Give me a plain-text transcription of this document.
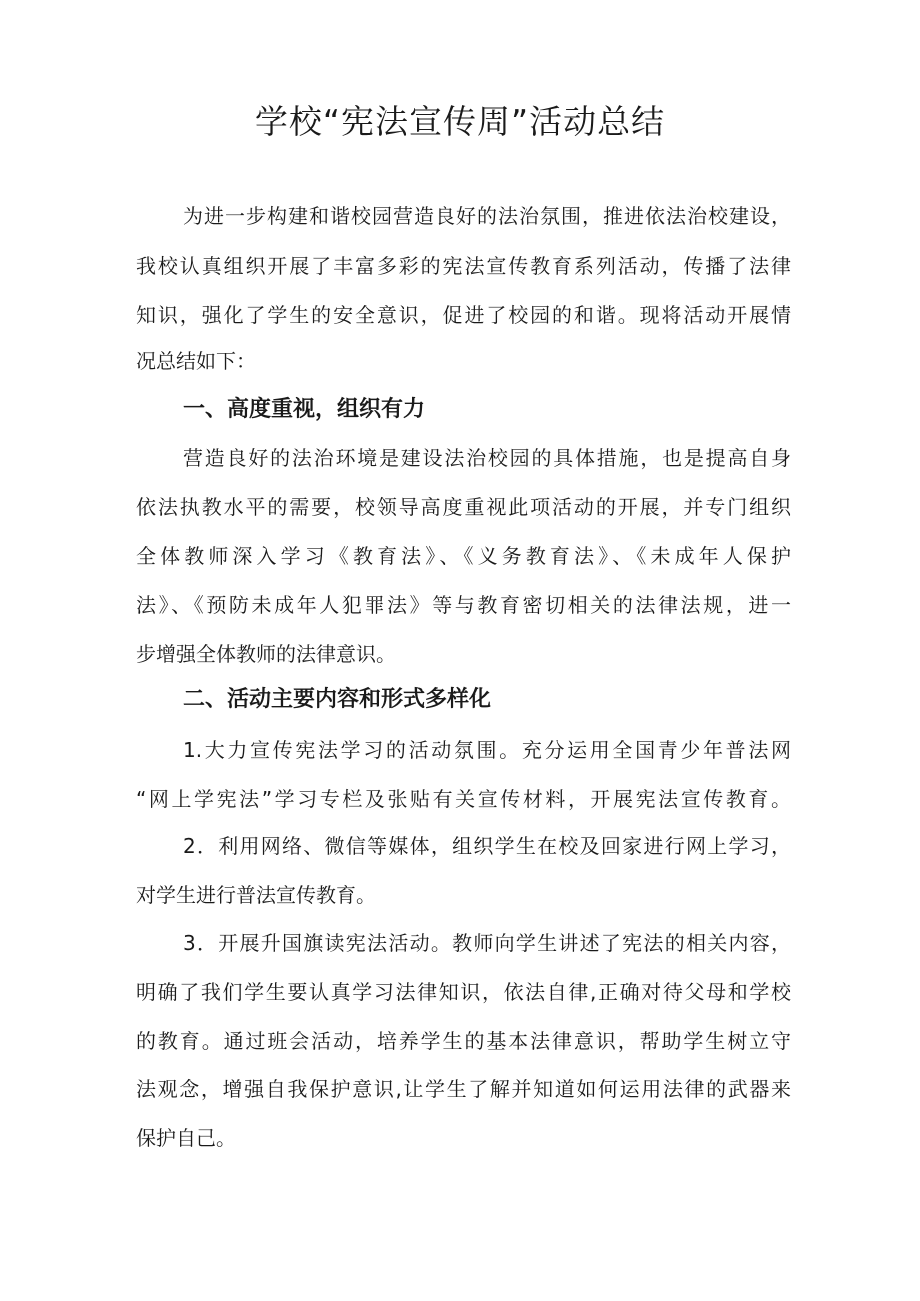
学校“宪法宣传周”活动总结

为进一步构建和谐校园营造良好的法治氛围，推进依法治校建设，

我校认真组织开展了丰富多彩的宪法宣传教育系列活动，传播了法律

知识，强化了学生的安全意识，促进了校园的和谐。现将活动开展情

况总结如下：

一、高度重视，组织有力

营造良好的法治环境是建设法治校园的具体措施，也是提高自身

依法执教水平的需要，校领导高度重视此项活动的开展，并专门组织

全体教师深入学习《教育法》、《义务教育法》、《未成年人保护

法》、《预防未成年人犯罪法》等与教育密切相关的法律法规，进一

步增强全体教师的法律意识。

二、活动主要内容和形式多样化

1.大力宣传宪法学习的活动氛围。充分运用全国青少年普法网

“网上学宪法”学习专栏及张贴有关宣传材料，开展宪法宣传教育。

2．利用网络、微信等媒体，组织学生在校及回家进行网上学习，

对学生进行普法宣传教育。

3．开展升国旗读宪法活动。教师向学生讲述了宪法的相关内容，

明确了我们学生要认真学习法律知识，依法自律,正确对待父母和学校

的教育。通过班会活动，培养学生的基本法律意识，帮助学生树立守

法观念，增强自我保护意识,让学生了解并知道如何运用法律的武器来

保护自己。
